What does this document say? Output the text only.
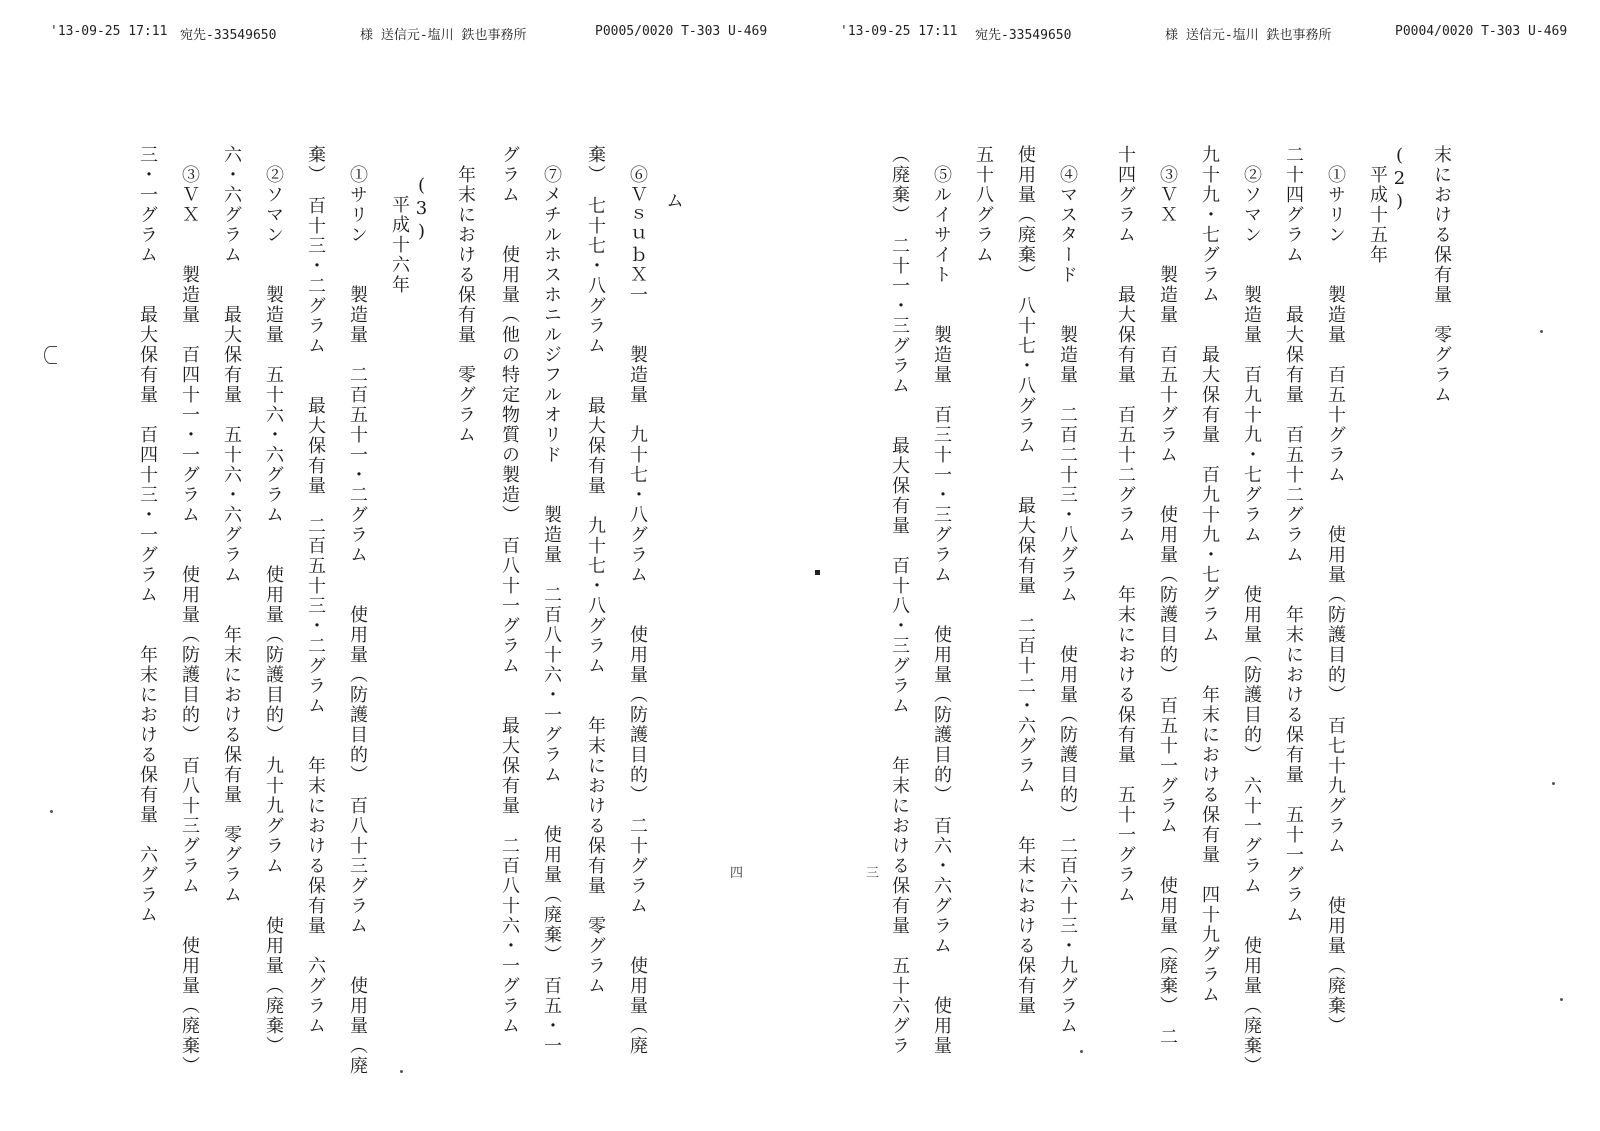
'13-09-25 17:11 宛先-33549650	様 送信元-塩川 鉄也事務所	P0005/0020 T-303 U-469	'13-09-25 17:11 宛先-33549650	様 送信元-塩川 鉄也事務所	P0004/0020 T-303 U-469
末における保有量　零グラム
(2)
　平成十五年
　①サリン　　製造量　百五十グラム　　使用量（防護目的）　百七十九グラム　　使用量（廃棄）
二十四グラム　　最大保有量　百五十二グラム　　年末における保有量　五十一グラム
　②ソマン　　製造量　百九十九・七グラム　　使用量（防護目的）　六十一グラム　　使用量（廃棄）
九十九・七グラム　　最大保有量　百九十九・七グラム　　年末における保有量　四十九グラム
　③ＶＸ　　製造量　百五十グラム　　使用量（防護目的）　百五十一グラム　　使用量（廃棄）　二
十四グラム　　最大保有量　百五十二グラム　　年末における保有量　五十一グラム
　④マスタード　　製造量　二百二十三・八グラム　　使用量（防護目的）　二百六十三・九グラム
使用量（廃棄）　八十七・八グラム　　最大保有量　二百十二・六グラム　　年末における保有量
五十八グラム
　⑤ルイサイト　　製造量　百三十一・三グラム　　使用量（防護目的）　百六・六グラム　　使用量
（廃棄）　二十一・三グラム　　最大保有量　百十八・三グラム　　年末における保有量　五十六グラ
三
ム
　⑥ＶｓｕｂＸ一　　製造量　九十七・八グラム　　使用量（防護目的）　二十グラム　　使用量（廃
棄）　七十七・八グラム　　最大保有量　九十七・八グラム　　年末における保有量　零グラム
　⑦メチルホスホニルジフルオリド　　製造量　二百八十六・一グラム　　使用量（廃棄）　百五・一
グラム　　使用量（他の特定物質の製造）　百八十一グラム　　最大保有量　二百八十六・一グラム
　年末における保有量　零グラム
(3)
　平成十六年
　①サリン　　製造量　二百五十一・二グラム　　使用量（防護目的）　百八十三グラム　　使用量（廃
棄）　百十三・二グラム　　最大保有量　二百五十三・二グラム　　年末における保有量　六グラム
　②ソマン　　製造量　五十六・六グラム　　使用量（防護目的）　九十九グラム　　使用量（廃棄）
六・六グラム　　最大保有量　五十六・六グラム　　年末における保有量　零グラム
　③ＶＸ　　製造量　百四十一・一グラム　　使用量（防護目的）　百八十三グラム　　使用量（廃棄）
三・一グラム　　最大保有量　百四十三・一グラム　　年末における保有量　六グラム	四
